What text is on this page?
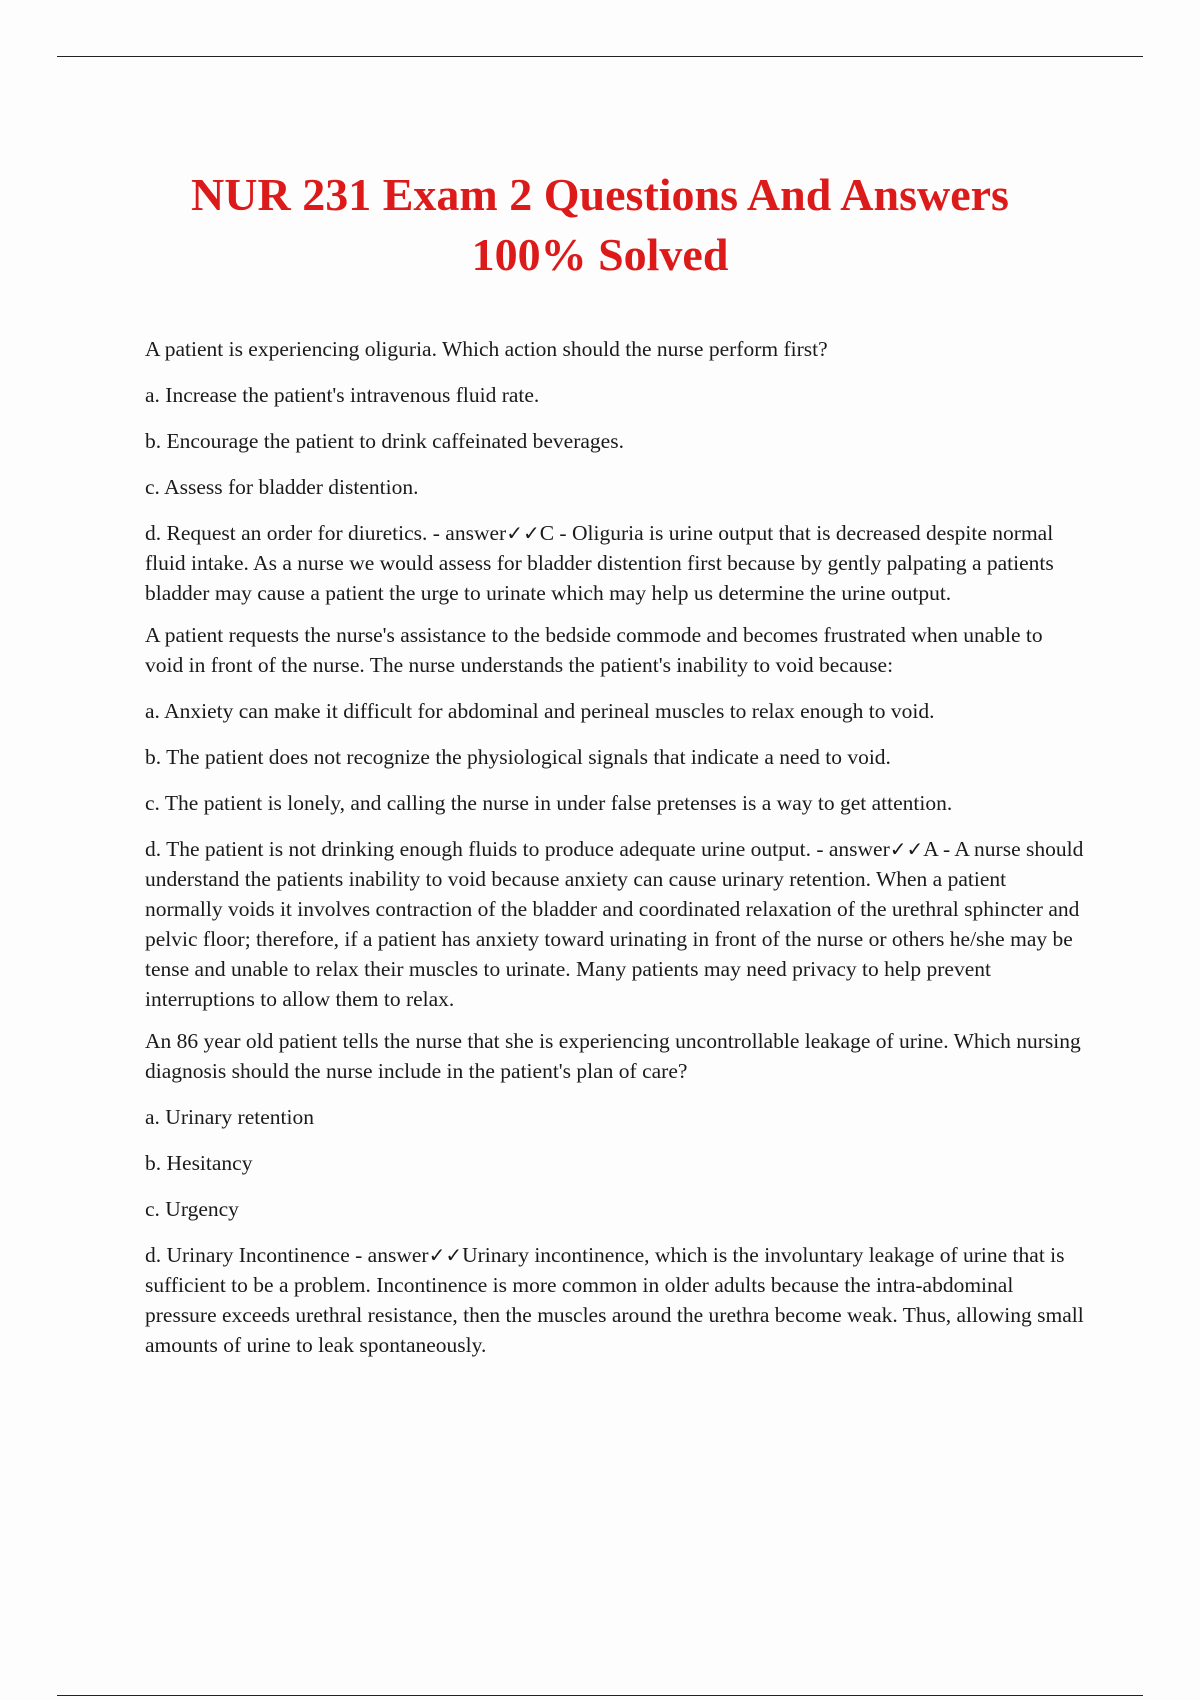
NUR 231 Exam 2 Questions And Answers
100% Solved

A patient is experiencing oliguria. Which action should the nurse perform first?

a. Increase the patient's intravenous fluid rate.

b. Encourage the patient to drink caffeinated beverages.

c. Assess for bladder distention.

d. Request an order for diuretics. - answer✓✓C - Oliguria is urine output that is decreased despite normal fluid intake. As a nurse we would assess for bladder distention first because by gently palpating a patients bladder may cause a patient the urge to urinate which may help us determine the urine output.

A patient requests the nurse's assistance to the bedside commode and becomes frustrated when unable to void in front of the nurse. The nurse understands the patient's inability to void because:

a. Anxiety can make it difficult for abdominal and perineal muscles to relax enough to void.

b. The patient does not recognize the physiological signals that indicate a need to void.

c. The patient is lonely, and calling the nurse in under false pretenses is a way to get attention.

d. The patient is not drinking enough fluids to produce adequate urine output. - answer✓✓A - A nurse should understand the patients inability to void because anxiety can cause urinary retention. When a patient normally voids it involves contraction of the bladder and coordinated relaxation of the urethral sphincter and pelvic floor; therefore, if a patient has anxiety toward urinating in front of the nurse or others he/she may be tense and unable to relax their muscles to urinate. Many patients may need privacy to help prevent interruptions to allow them to relax.

An 86 year old patient tells the nurse that she is experiencing uncontrollable leakage of urine. Which nursing diagnosis should the nurse include in the patient's plan of care?

a. Urinary retention

b. Hesitancy

c. Urgency

d. Urinary Incontinence - answer✓✓Urinary incontinence, which is the involuntary leakage of urine that is sufficient to be a problem. Incontinence is more common in older adults because the intra-abdominal pressure exceeds urethral resistance, then the muscles around the urethra become weak. Thus, allowing small amounts of urine to leak spontaneously.
